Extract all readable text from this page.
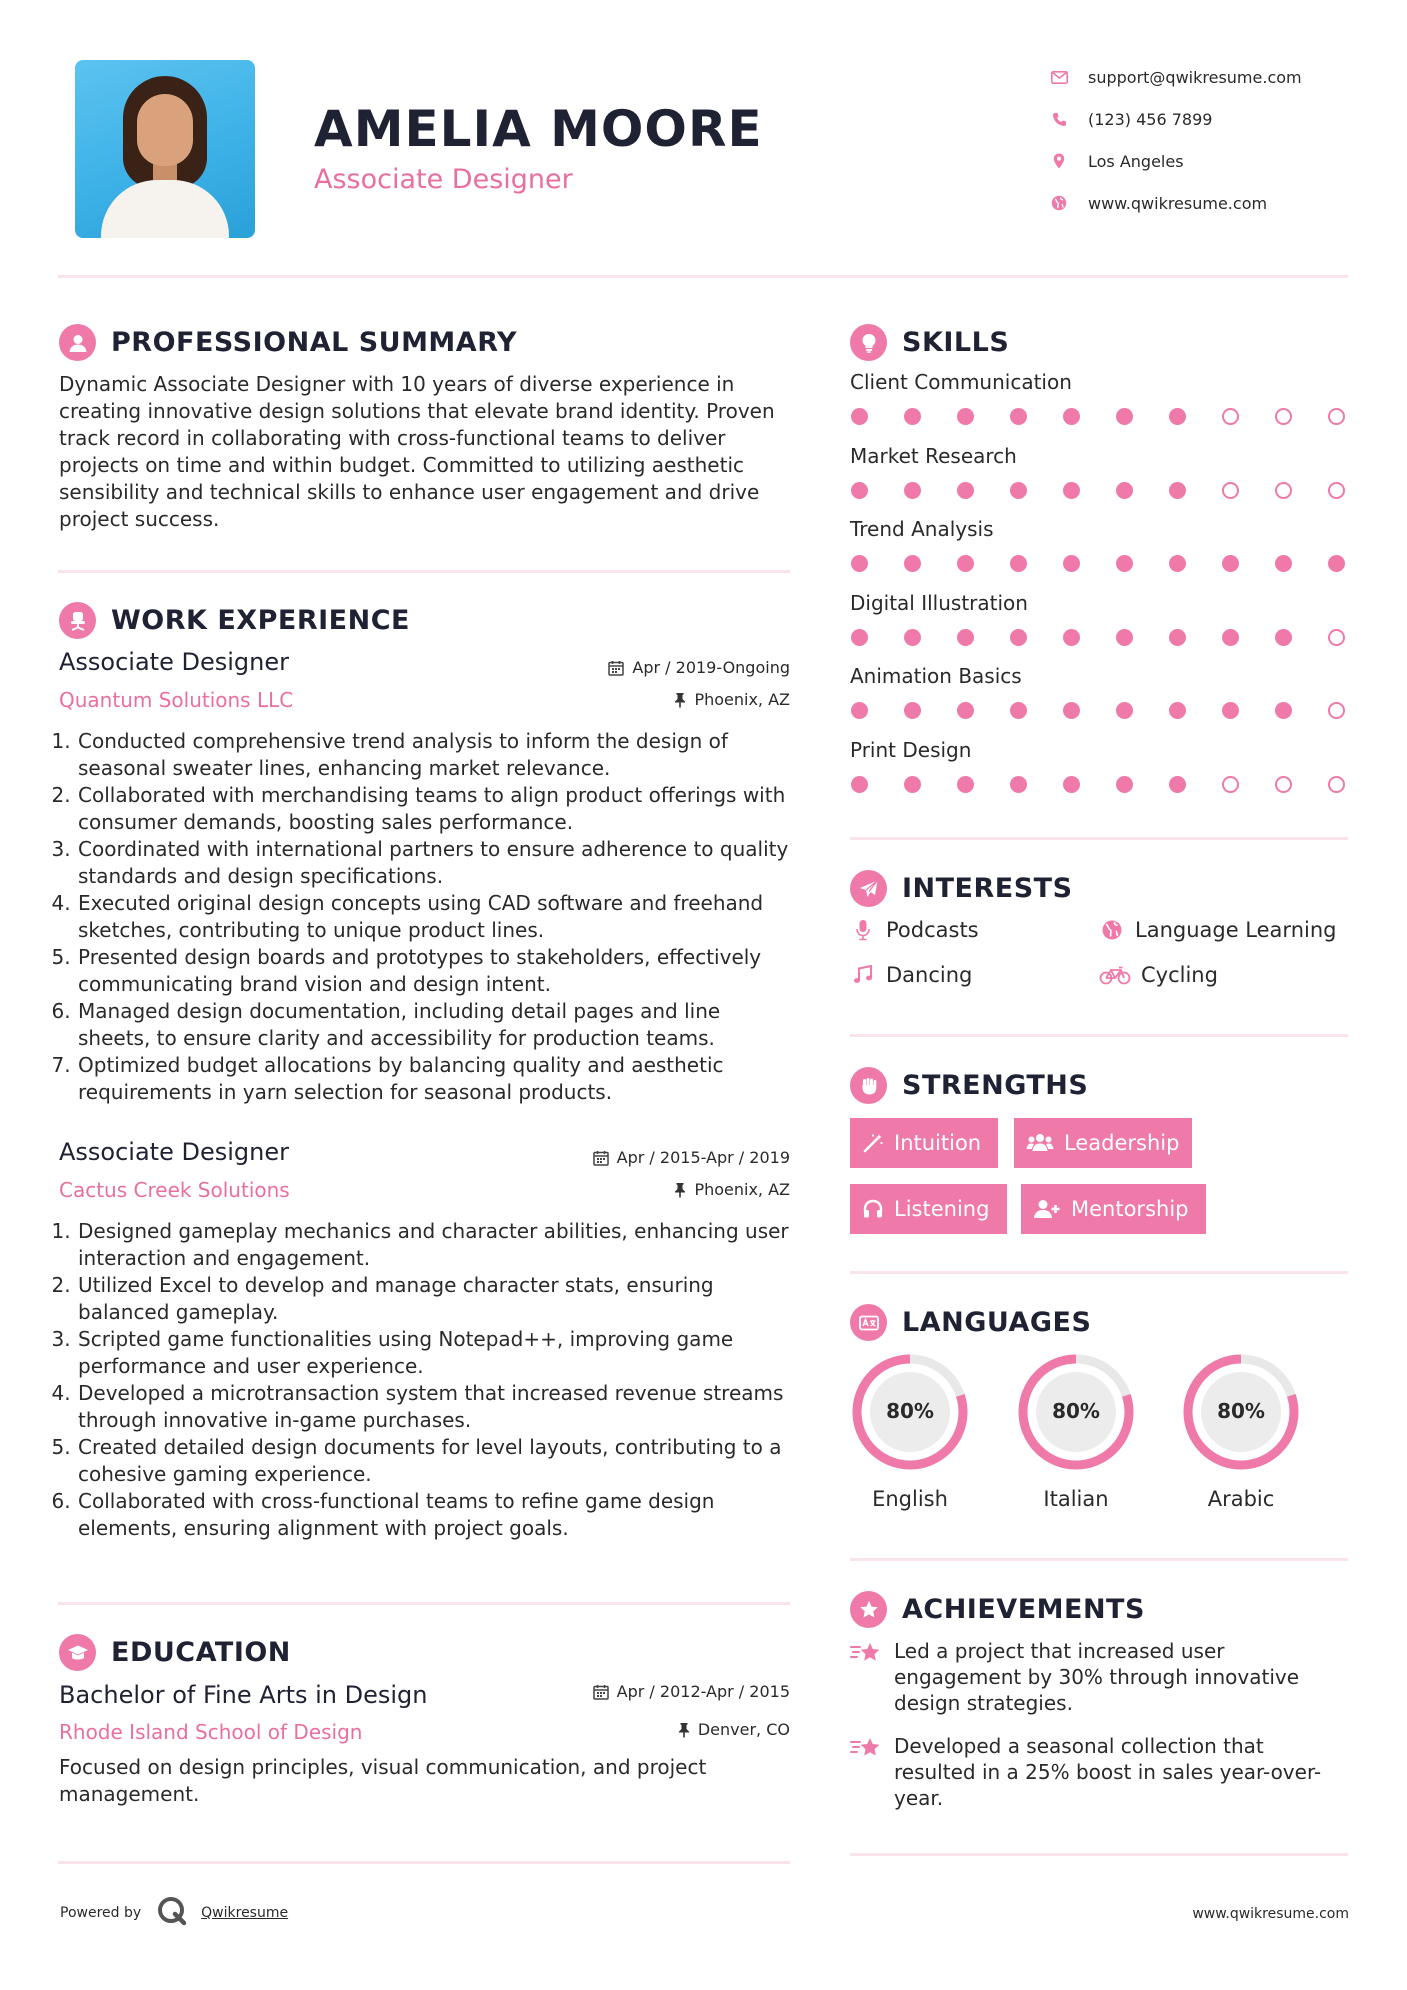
AMELIA MOORE
Associate Designer
support@qwikresume.com
(123) 456 7899
Los Angeles
www.qwikresume.com
PROFESSIONAL SUMMARY
Dynamic Associate Designer with 10 years of diverse experience in creating innovative design solutions that elevate brand identity. Proven track record in collaborating with cross-functional teams to deliver projects on time and within budget. Committed to utilizing aesthetic sensibility and technical skills to enhance user engagement and drive project success.
WORK EXPERIENCE
Associate Designer
Quantum Solutions LLC
Apr / 2019-Ongoing
Phoenix, AZ
1. Conducted comprehensive trend analysis to inform the design of seasonal sweater lines, enhancing market relevance.
2. Collaborated with merchandising teams to align product offerings with consumer demands, boosting sales performance.
3. Coordinated with international partners to ensure adherence to quality standards and design specifications.
4. Executed original design concepts using CAD software and freehand sketches, contributing to unique product lines.
5. Presented design boards and prototypes to stakeholders, effectively communicating brand vision and design intent.
6. Managed design documentation, including detail pages and line sheets, to ensure clarity and accessibility for production teams.
7. Optimized budget allocations by balancing quality and aesthetic requirements in yarn selection for seasonal products.
Associate Designer
Cactus Creek Solutions
Apr / 2015-Apr / 2019
Phoenix, AZ
1. Designed gameplay mechanics and character abilities, enhancing user interaction and engagement.
2. Utilized Excel to develop and manage character stats, ensuring balanced gameplay.
3. Scripted game functionalities using Notepad++, improving game performance and user experience.
4. Developed a microtransaction system that increased revenue streams through innovative in-game purchases.
5. Created detailed design documents for level layouts, contributing to a cohesive gaming experience.
6. Collaborated with cross-functional teams to refine game design elements, ensuring alignment with project goals.
EDUCATION
Bachelor of Fine Arts in Design
Rhode Island School of Design
Apr / 2012-Apr / 2015
Denver, CO
Focused on design principles, visual communication, and project management.
SKILLS
Client Communication
Market Research
Trend Analysis
Digital Illustration
Animation Basics
Print Design
INTERESTS
Podcasts	Language Learning
Dancing	Cycling
STRENGTHS
Intuition	Leadership
Listening	Mentorship
LANGUAGES
80%
English
80%
Italian
80%
Arabic
ACHIEVEMENTS
Led a project that increased user engagement by 30% through innovative design strategies.
Developed a seasonal collection that resulted in a 25% boost in sales year-over-year.
Powered by	Qwikresume	www.qwikresume.com
